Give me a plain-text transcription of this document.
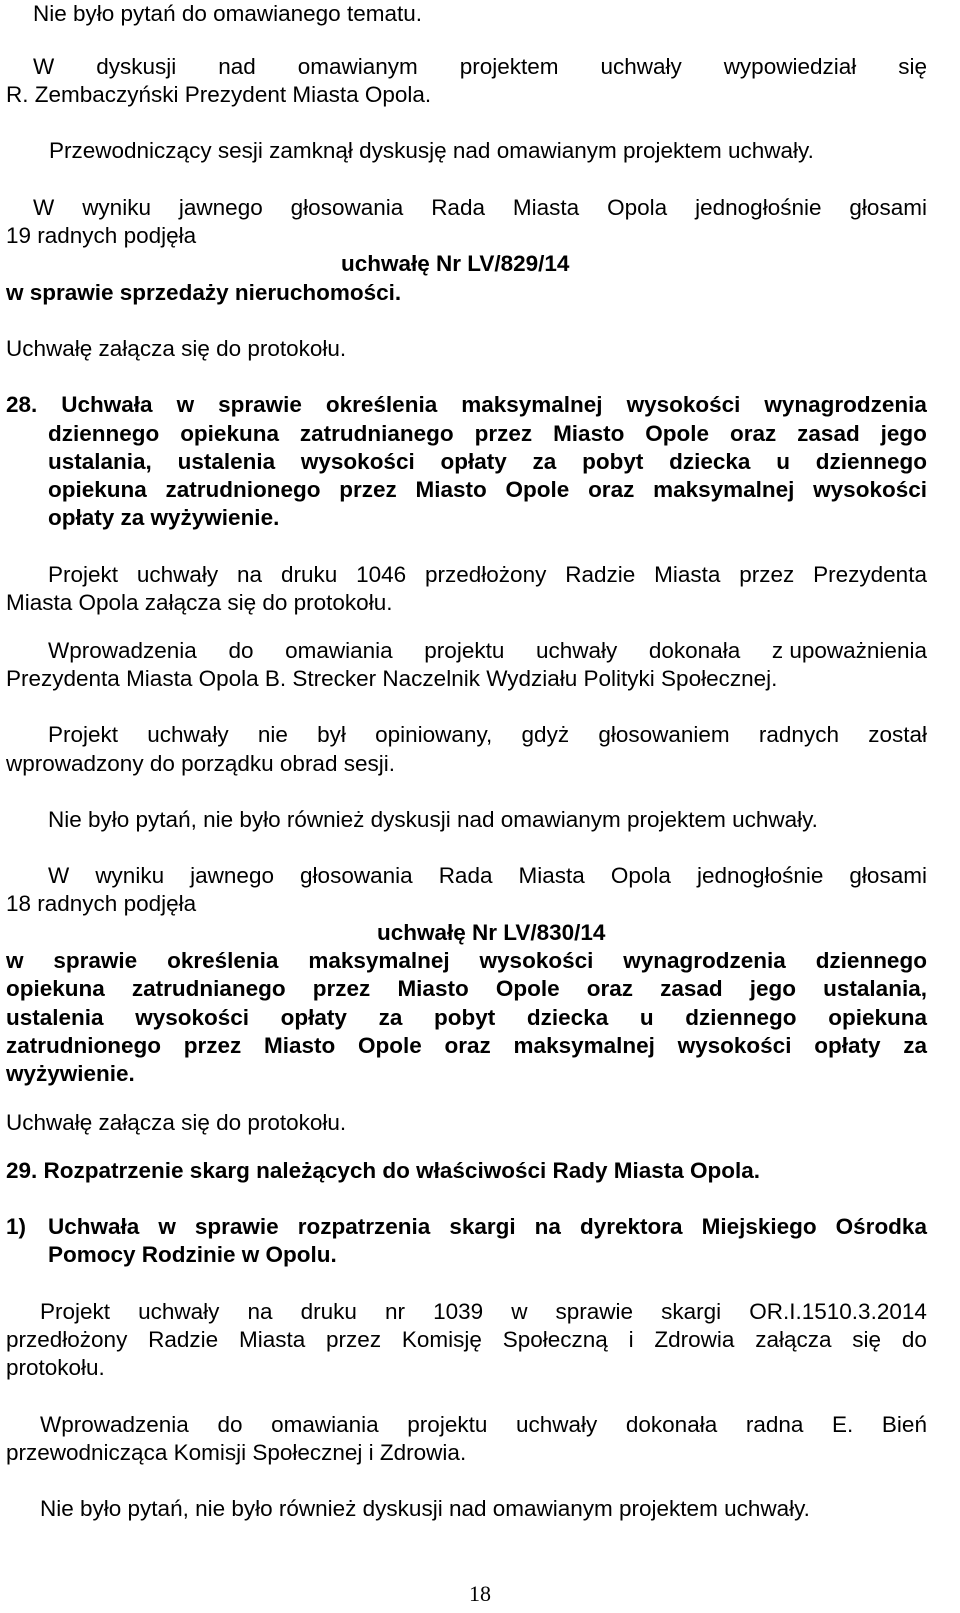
Nie było pytań do omawianego tematu.
W dyskusji nad omawianym projektem uchwały wypowiedział się
R. Zembaczyński Prezydent Miasta Opola.
Przewodniczący sesji zamknął dyskusję nad omawianym projektem uchwały.
W wyniku jawnego głosowania Rada Miasta Opola jednogłośnie głosami
19 radnych podjęła
uchwałę Nr LV/829/14
w sprawie sprzedaży nieruchomości.
Uchwałę załącza się do protokołu.
28. Uchwała w sprawie określenia maksymalnej wysokości wynagrodzenia
dziennego opiekuna zatrudnianego przez Miasto Opole oraz zasad jego
ustalania, ustalenia wysokości opłaty za pobyt dziecka u dziennego
opiekuna zatrudnionego przez Miasto Opole oraz maksymalnej wysokości
opłaty za wyżywienie.
Projekt uchwały na druku 1046 przedłożony Radzie Miasta przez Prezydenta
Miasta Opola załącza się do protokołu.
Wprowadzenia do omawiania projektu uchwały dokonała z upoważnienia
Prezydenta Miasta Opola B. Strecker Naczelnik Wydziału Polityki Społecznej.
Projekt uchwały nie był opiniowany, gdyż głosowaniem radnych został
wprowadzony do porządku obrad sesji.
Nie było pytań, nie było również dyskusji nad omawianym projektem uchwały.
W wyniku jawnego głosowania Rada Miasta Opola jednogłośnie głosami
18 radnych podjęła
uchwałę Nr LV/830/14
w sprawie określenia maksymalnej wysokości wynagrodzenia dziennego
opiekuna zatrudnianego przez Miasto Opole oraz zasad jego ustalania,
ustalenia wysokości opłaty za pobyt dziecka u dziennego opiekuna
zatrudnionego przez Miasto Opole oraz maksymalnej wysokości opłaty za
wyżywienie.
Uchwałę załącza się do protokołu.
29. Rozpatrzenie skarg należących do właściwości Rady Miasta Opola.
1) Uchwała w sprawie rozpatrzenia skargi na dyrektora Miejskiego Ośrodka
Pomocy Rodzinie w Opolu.
Projekt uchwały na druku nr 1039 w sprawie skargi OR.I.1510.3.2014
przedłożony Radzie Miasta przez Komisję Społeczną i Zdrowia załącza się do
protokołu.
Wprowadzenia do omawiania projektu uchwały dokonała radna E. Bień
przewodnicząca Komisji Społecznej i Zdrowia.
Nie było pytań, nie było również dyskusji nad omawianym projektem uchwały.
18
